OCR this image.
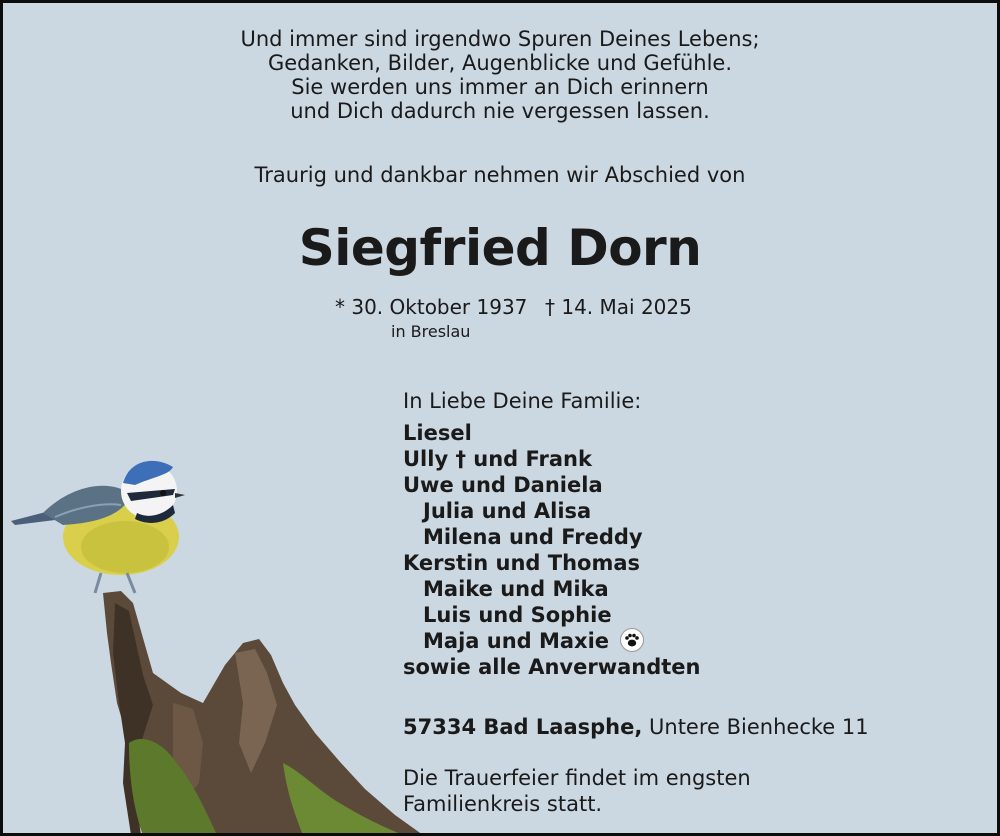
Und immer sind irgendwo Spuren Deines Lebens;
Gedanken, Bilder, Augenblicke und Gefühle.
Sie werden uns immer an Dich erinnern
und Dich dadurch nie vergessen lassen.
Traurig und dankbar nehmen wir Abschied von
Siegfried Dorn
* 30. Oktober 1937 † 14. Mai 2025
in Breslau
In Liebe Deine Familie:
Liesel
Ully † und Frank
Uwe und Daniela
Julia und Alisa
Milena und Freddy
Kerstin und Thomas
Maike und Mika
Luis und Sophie
Maja und Maxie
sowie alle Anverwandten
57334 Bad Laasphe, Untere Bienhecke 11
Die Trauerfeier findet im engsten
Familienkreis statt.
